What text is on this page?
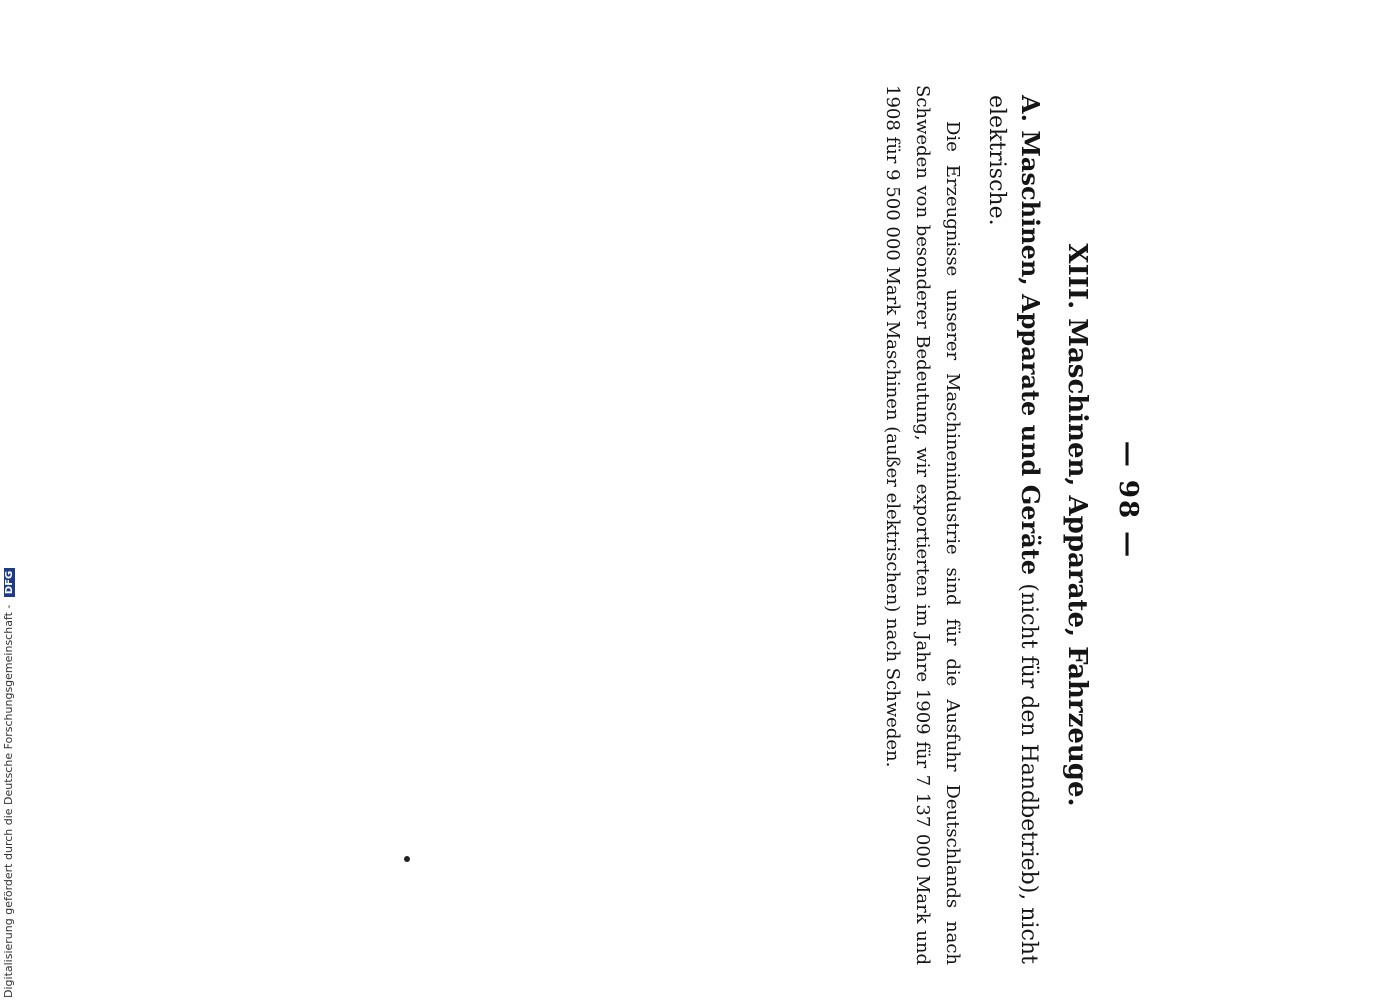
— 98 —
XIII. Maschinen, Apparate, Fahrzeuge.
A. Maschinen, Apparate und Geräte (nicht für den Handbetrieb), nicht elektrische.

Die Erzeugnisse unserer Maschinenindustrie sind für die Ausfuhr Deutschlands nach Schweden von besonderer Bedeutung, wir exportierten im Jahre 1909 für 7 137 000 Mark und 1908 für 9 500 000 Mark Maschinen (außer elektrischen) nach Schweden.

Digitalisierung gefördert durch die Deutsche Forschungsgemeinschaft - DFG
